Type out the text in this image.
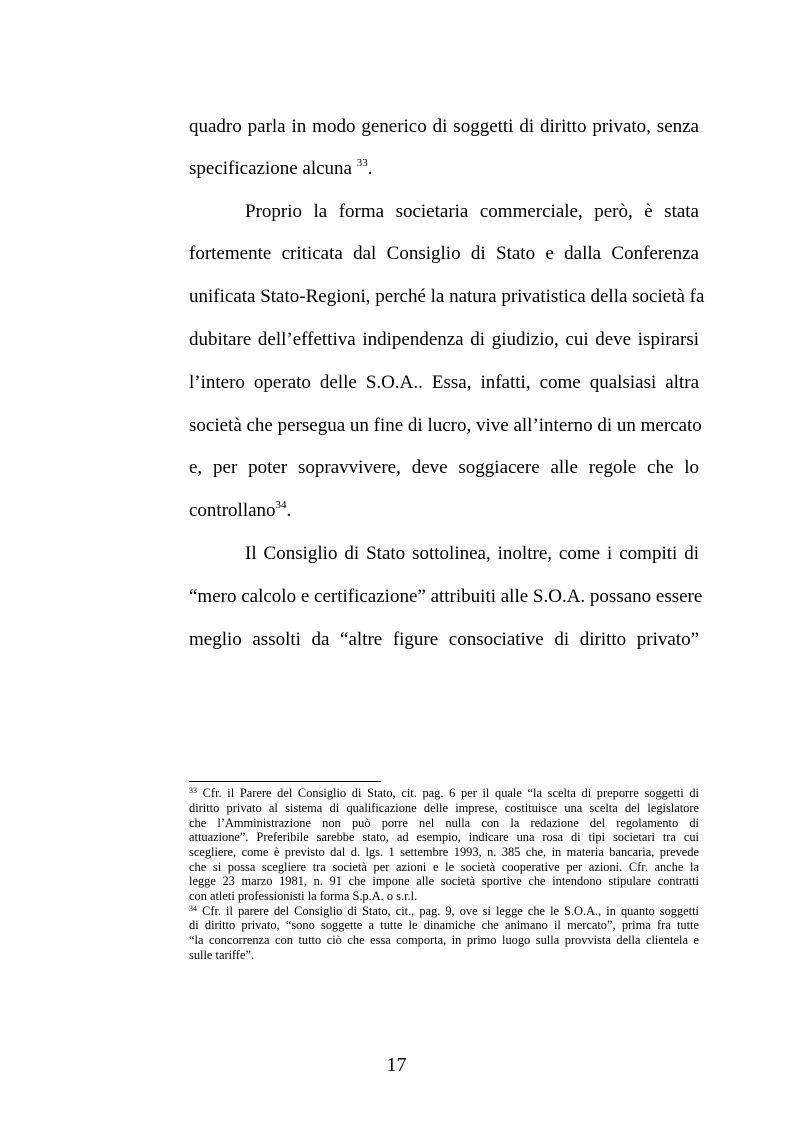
quadro parla in modo generico di soggetti di diritto privato, senza
specificazione alcuna $^{33}$.
Proprio la forma societaria commerciale, però, è stata
fortemente criticata dal Consiglio di Stato e dalla Conferenza
unificata Stato-Regioni, perché la natura privatistica della società fa
dubitare dell’effettiva indipendenza di giudizio, cui deve ispirarsi
l’intero operato delle S.O.A.. Essa, infatti, come qualsiasi altra
società che persegua un fine di lucro, vive all’interno di un mercato
e, per poter sopravvivere, deve soggiacere alle regole che lo
controllano$^{34}$.
Il Consiglio di Stato sottolinea, inoltre, come i compiti di
“mero calcolo e certificazione” attribuiti alle S.O.A. possano essere
meglio assolti da “altre figure consociative di diritto privato”
$^{33}$ Cfr. il Parere del Consiglio di Stato, cit. pag. 6 per il quale “la scelta di preporre soggetti di
diritto privato al sistema di qualificazione delle imprese, costituisce una scelta del legislatore
che l’Amministrazione non può porre nel nulla con la redazione del regolamento di
attuazione”. Preferibile sarebbe stato, ad esempio, indicare una rosa di tipi societari tra cui
scegliere, come è previsto dal d. lgs. 1 settembre 1993, n. 385 che, in materia bancaria, prevede
che si possa scegliere tra società per azioni e le società cooperative per azioni. Cfr. anche la
legge 23 marzo 1981, n. 91 che impone alle società sportive che intendono stipulare contratti
con atleti professionisti la forma S.p.A. o s.r.l.
$^{34}$ Cfr. il parere del Consiglio di Stato, cit., pag. 9, ove si legge che le S.O.A., in quanto soggetti
di diritto privato, “sono soggette a tutte le dinamiche che animano il mercato”, prima fra tutte
“la concorrenza con tutto ciò che essa comporta, in primo luogo sulla provvista della clientela e
sulle tariffe”.
17
